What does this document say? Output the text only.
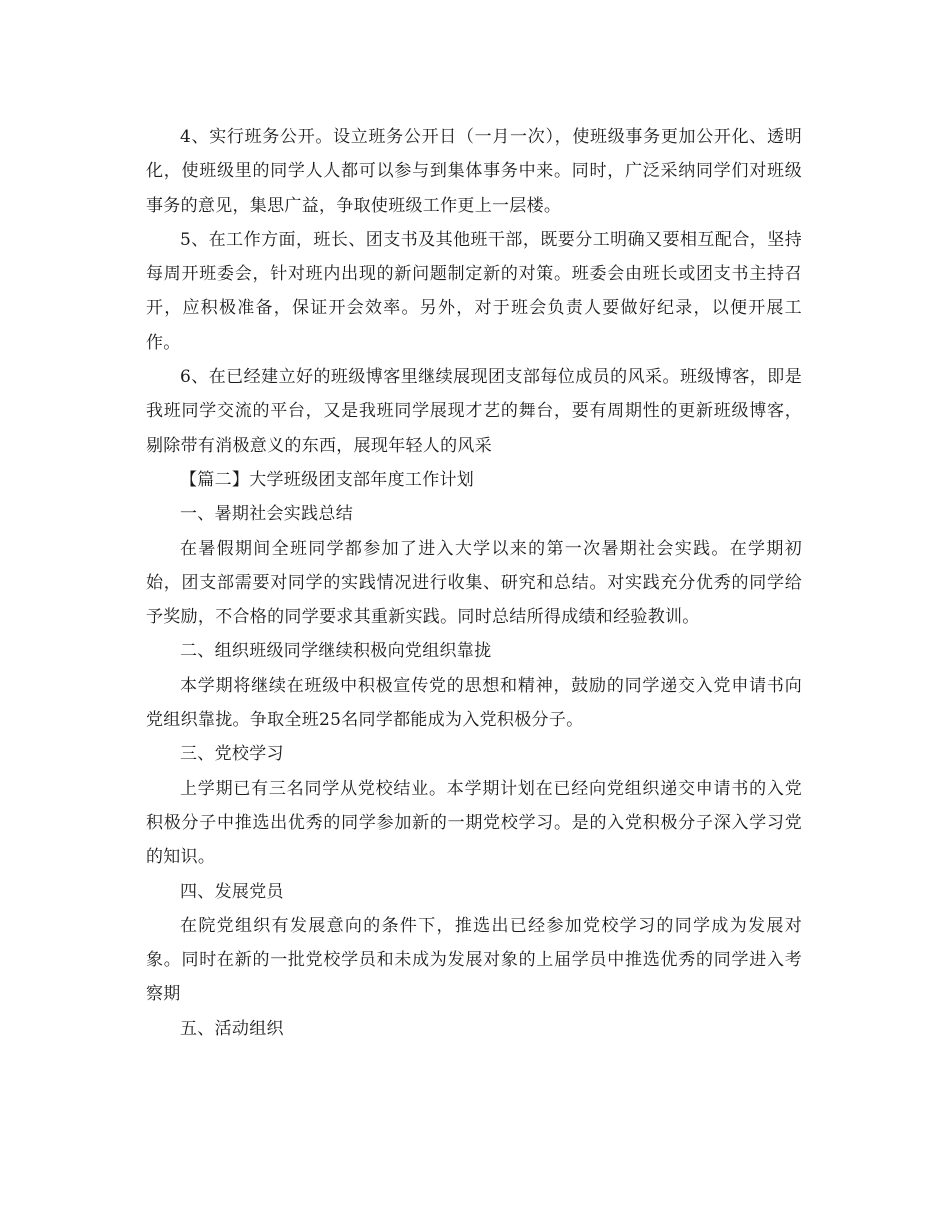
4、实行班务公开。设立班务公开日（一月一次），使班级事务更加公开化、透明化，使班级里的同学人人都可以参与到集体事务中来。同时，广泛采纳同学们对班级事务的意见，集思广益，争取使班级工作更上一层楼。

5、在工作方面，班长、团支书及其他班干部，既要分工明确又要相互配合，坚持每周开班委会，针对班内出现的新问题制定新的对策。班委会由班长或团支书主持召开，应积极准备，保证开会效率。另外，对于班会负责人要做好纪录，以便开展工作。

6、在已经建立好的班级博客里继续展现团支部每位成员的风采。班级博客，即是我班同学交流的平台，又是我班同学展现才艺的舞台，要有周期性的更新班级博客，剔除带有消极意义的东西，展现年轻人的风采

【篇二】大学班级团支部年度工作计划

一、暑期社会实践总结

在暑假期间全班同学都参加了进入大学以来的第一次暑期社会实践。在学期初始，团支部需要对同学的实践情况进行收集、研究和总结。对实践充分优秀的同学给予奖励，不合格的同学要求其重新实践。同时总结所得成绩和经验教训。

二、组织班级同学继续积极向党组织靠拢

本学期将继续在班级中积极宣传党的思想和精神，鼓励的同学递交入党申请书向党组织靠拢。争取全班25名同学都能成为入党积极分子。

三、党校学习

上学期已有三名同学从党校结业。本学期计划在已经向党组织递交申请书的入党积极分子中推选出优秀的同学参加新的一期党校学习。是的入党积极分子深入学习党的知识。

四、发展党员

在院党组织有发展意向的条件下，推选出已经参加党校学习的同学成为发展对象。同时在新的一批党校学员和未成为发展对象的上届学员中推选优秀的同学进入考察期

五、活动组织
